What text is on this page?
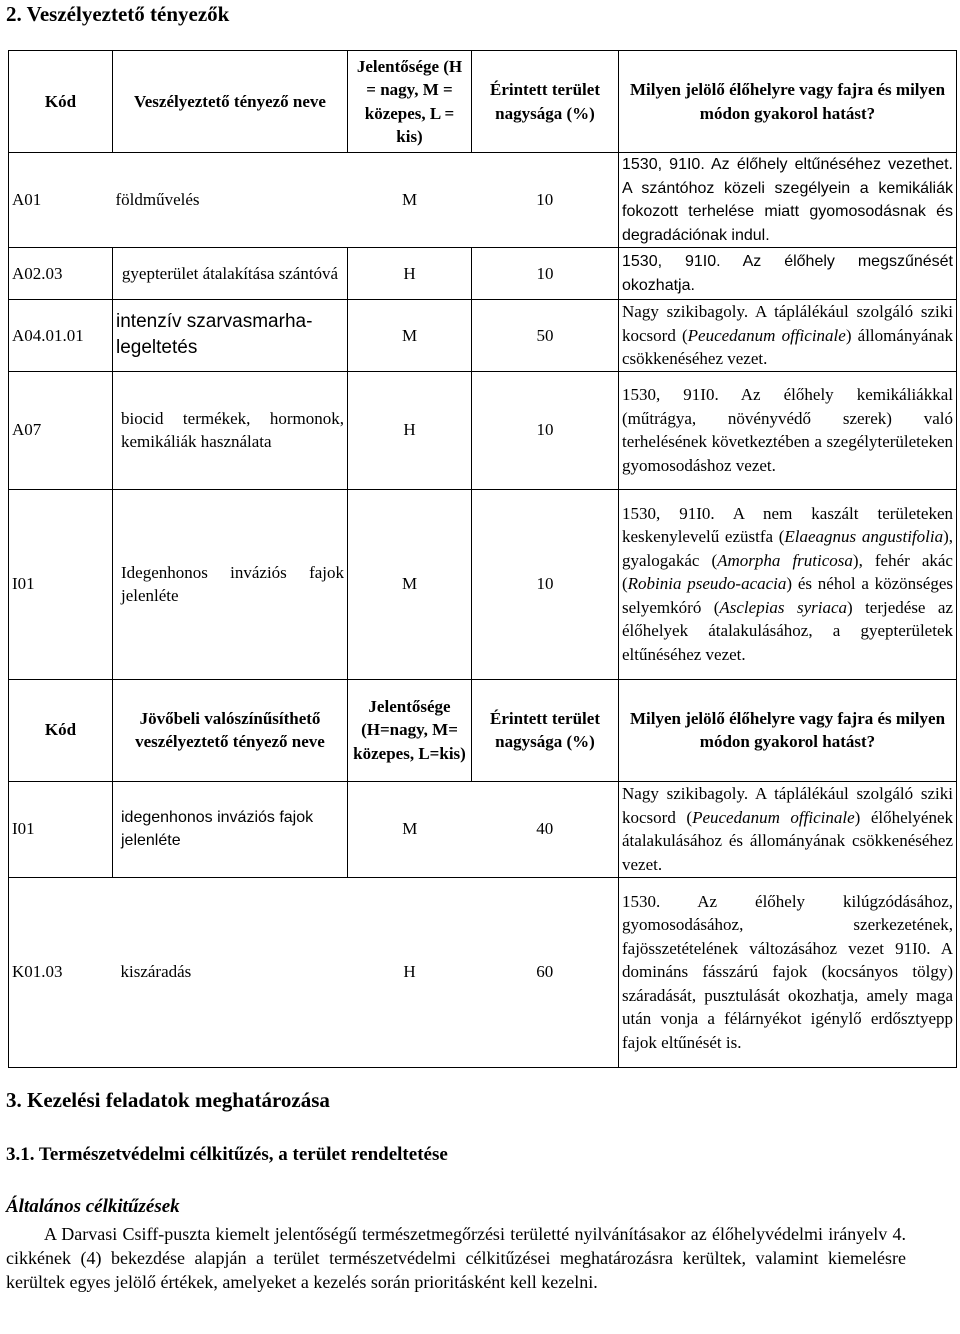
2. Veszélyeztető tényezők
Kód	Veszélyeztető tényező neve	Jelentősége (H = nagy, M = közepes, L = kis)	Érintett terület nagysága (%)	Milyen jelölő élőhelyre vagy fajra és milyen módon gyakorol hatást?
A01	földművelés	M	10	1530, 91I0. Az élőhely eltűnéséhez vezethet. A szántóhoz közeli szegélyein a kemikáliák fokozott terhelése miatt gyomosodásnak és degradációnak indul.
A02.03	gyepterület átalakítása szántóvá	H	10	1530, 91I0. Az élőhely megszűnését okozhatja.
A04.01.01	intenzív szarvasmarha-legeltetés	M	50	Nagy szikibagoly. A táplálékául szolgáló sziki kocsord (Peucedanum officinale) állományának csökkenéséhez vezet.
A07	biocid termékek, hormonok, kemikáliák használata	H	10	1530, 91I0. Az élőhely kemikáliákkal (műtrágya, növényvédő szerek) való terhelésének következtében a szegélyterületeken gyomosodáshoz vezet.
I01	Idegenhonos inváziós fajok jelenléte	M	10	1530, 91I0. A nem kaszált területeken keskenylevelű ezüstfa (Elaeagnus angustifolia), gyalogakác (Amorpha fruticosa), fehér akác (Robinia pseudo-acacia) és néhol a közönséges selyemkóró (Asclepias syriaca) terjedése az élőhelyek átalakulásához, a gyepterületek eltűnéséhez vezet.
Kód	Jövőbeli valószínűsíthető veszélyeztető tényező neve	Jelentősége (H=nagy, M= közepes, L=kis)	Érintett terület nagysága (%)	Milyen jelölő élőhelyre vagy fajra és milyen módon gyakorol hatást?
I01	idegenhonos inváziós fajok jelenléte	M	40	Nagy szikibagoly. A táplálékául szolgáló sziki kocsord (Peucedanum officinale) élőhelyének átalakulásához és állományának csökkenéséhez vezet.
K01.03	kiszáradás	H	60	1530. Az élőhely kilúgzódásához, gyomosodásához, szerkezetének, fajösszetételének változásához vezet 91I0. A domináns fásszárú fajok (kocsányos tölgy) száradását, pusztulását okozhatja, amely maga után vonja a félárnyékot igénylő erdősztyepp fajok eltűnését is.
3. Kezelési feladatok meghatározása
3.1. Természetvédelmi célkitűzés, a terület rendeltetése
Általános célkitűzések

A Darvasi Csiff-puszta kiemelt jelentőségű természetmegőrzési területté nyilvánításakor az élőhelyvédelmi irányelv 4. cikkének (4) bekezdése alapján a terület természetvédelmi célkitűzései meghatározásra kerültek, valamint kiemelésre kerültek egyes jelölő értékek, amelyeket a kezelés során prioritásként kell kezelni.
